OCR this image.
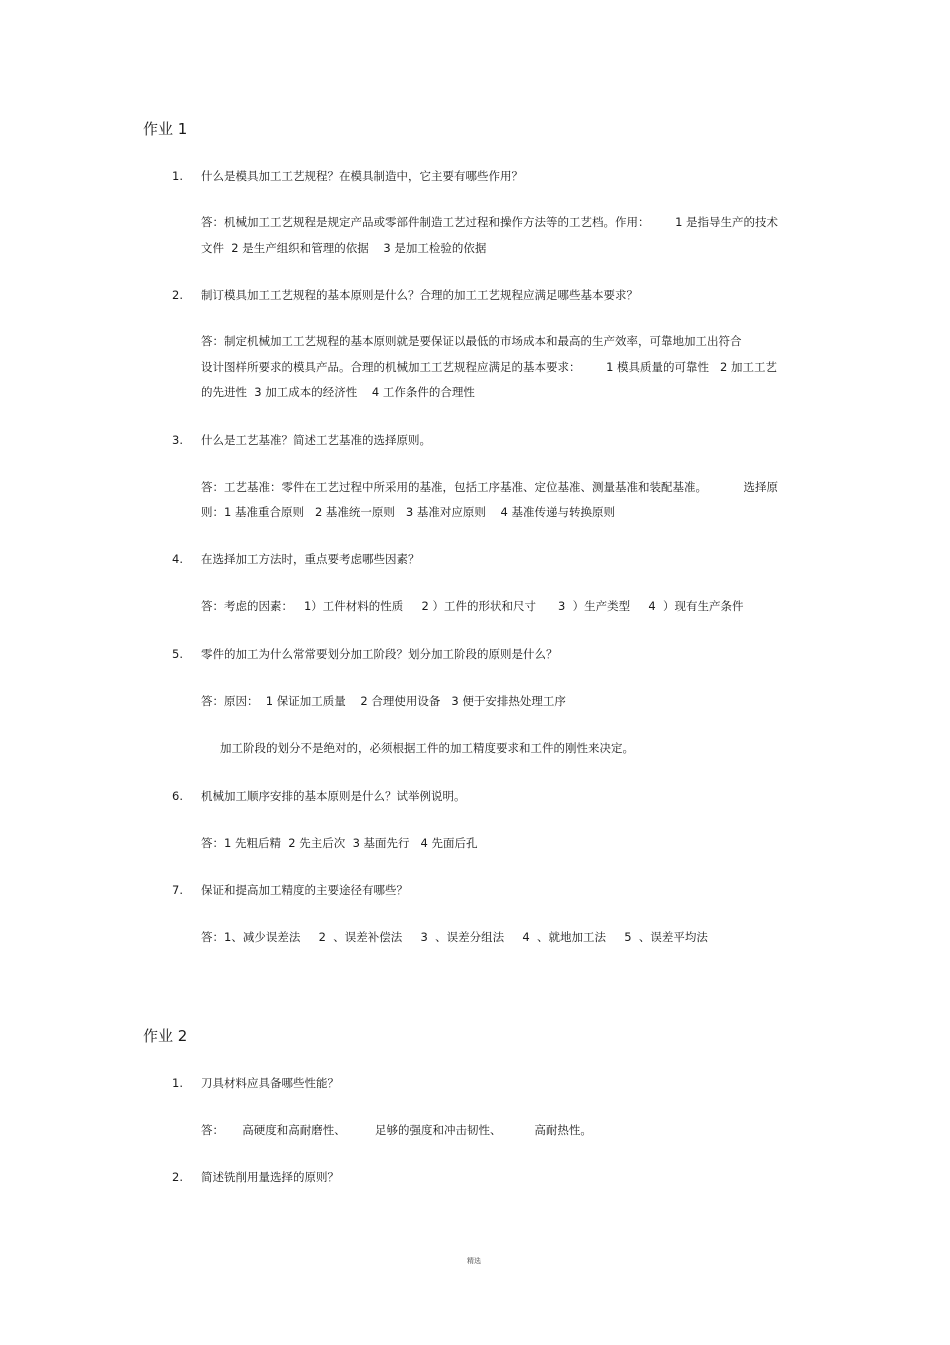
作业 1
1. 什么是模具加工工艺规程？在模具制造中，它主要有哪些作用？
答：机械加工工艺规程是规定产品或零部件制造工艺过程和操作方法等的工艺档。作用：       1 是指导生产的技术
文件  2 是生产组织和管理的依据    3 是加工检验的依据
2. 制订模具加工工艺规程的基本原则是什么？合理的加工工艺规程应满足哪些基本要求？
答：制定机械加工工艺规程的基本原则就是要保证以最低的市场成本和最高的生产效率，可靠地加工出符合
设计图样所要求的模具产品。合理的机械加工工艺规程应满足的基本要求：       1 模具质量的可靠性   2 加工工艺
的先进性  3 加工成本的经济性    4 工作条件的合理性
3. 什么是工艺基准？简述工艺基准的选择原则。
答：工艺基准：零件在工艺过程中所采用的基准，包括工序基准、定位基准、测量基准和装配基准。          选择原
则：1 基准重合原则   2 基准统一原则   3 基准对应原则    4 基准传递与转换原则
4. 在选择加工方法时，重点要考虑哪些因素？
答：考虑的因素：   1）工件材料的性质     2 ）工件的形状和尺寸      3  ）生产类型     4  ）现有生产条件
5. 零件的加工为什么常常要划分加工阶段？划分加工阶段的原则是什么？
答：原因：  1 保证加工质量    2 合理使用设备   3 便于安排热处理工序
加工阶段的划分不是绝对的，必须根据工件的加工精度要求和工件的刚性来决定。
6. 机械加工顺序安排的基本原则是什么？试举例说明。
答：1 先粗后精  2 先主后次  3 基面先行   4 先面后孔
7. 保证和提高加工精度的主要途径有哪些？
答：1、减少误差法     2  、误差补偿法     3  、误差分组法     4  、就地加工法     5  、误差平均法
作业 2
1. 刀具材料应具备哪些性能？
答：     高硬度和高耐磨性、        足够的强度和冲击韧性、         高耐热性。
2. 简述铣削用量选择的原则？
精选
